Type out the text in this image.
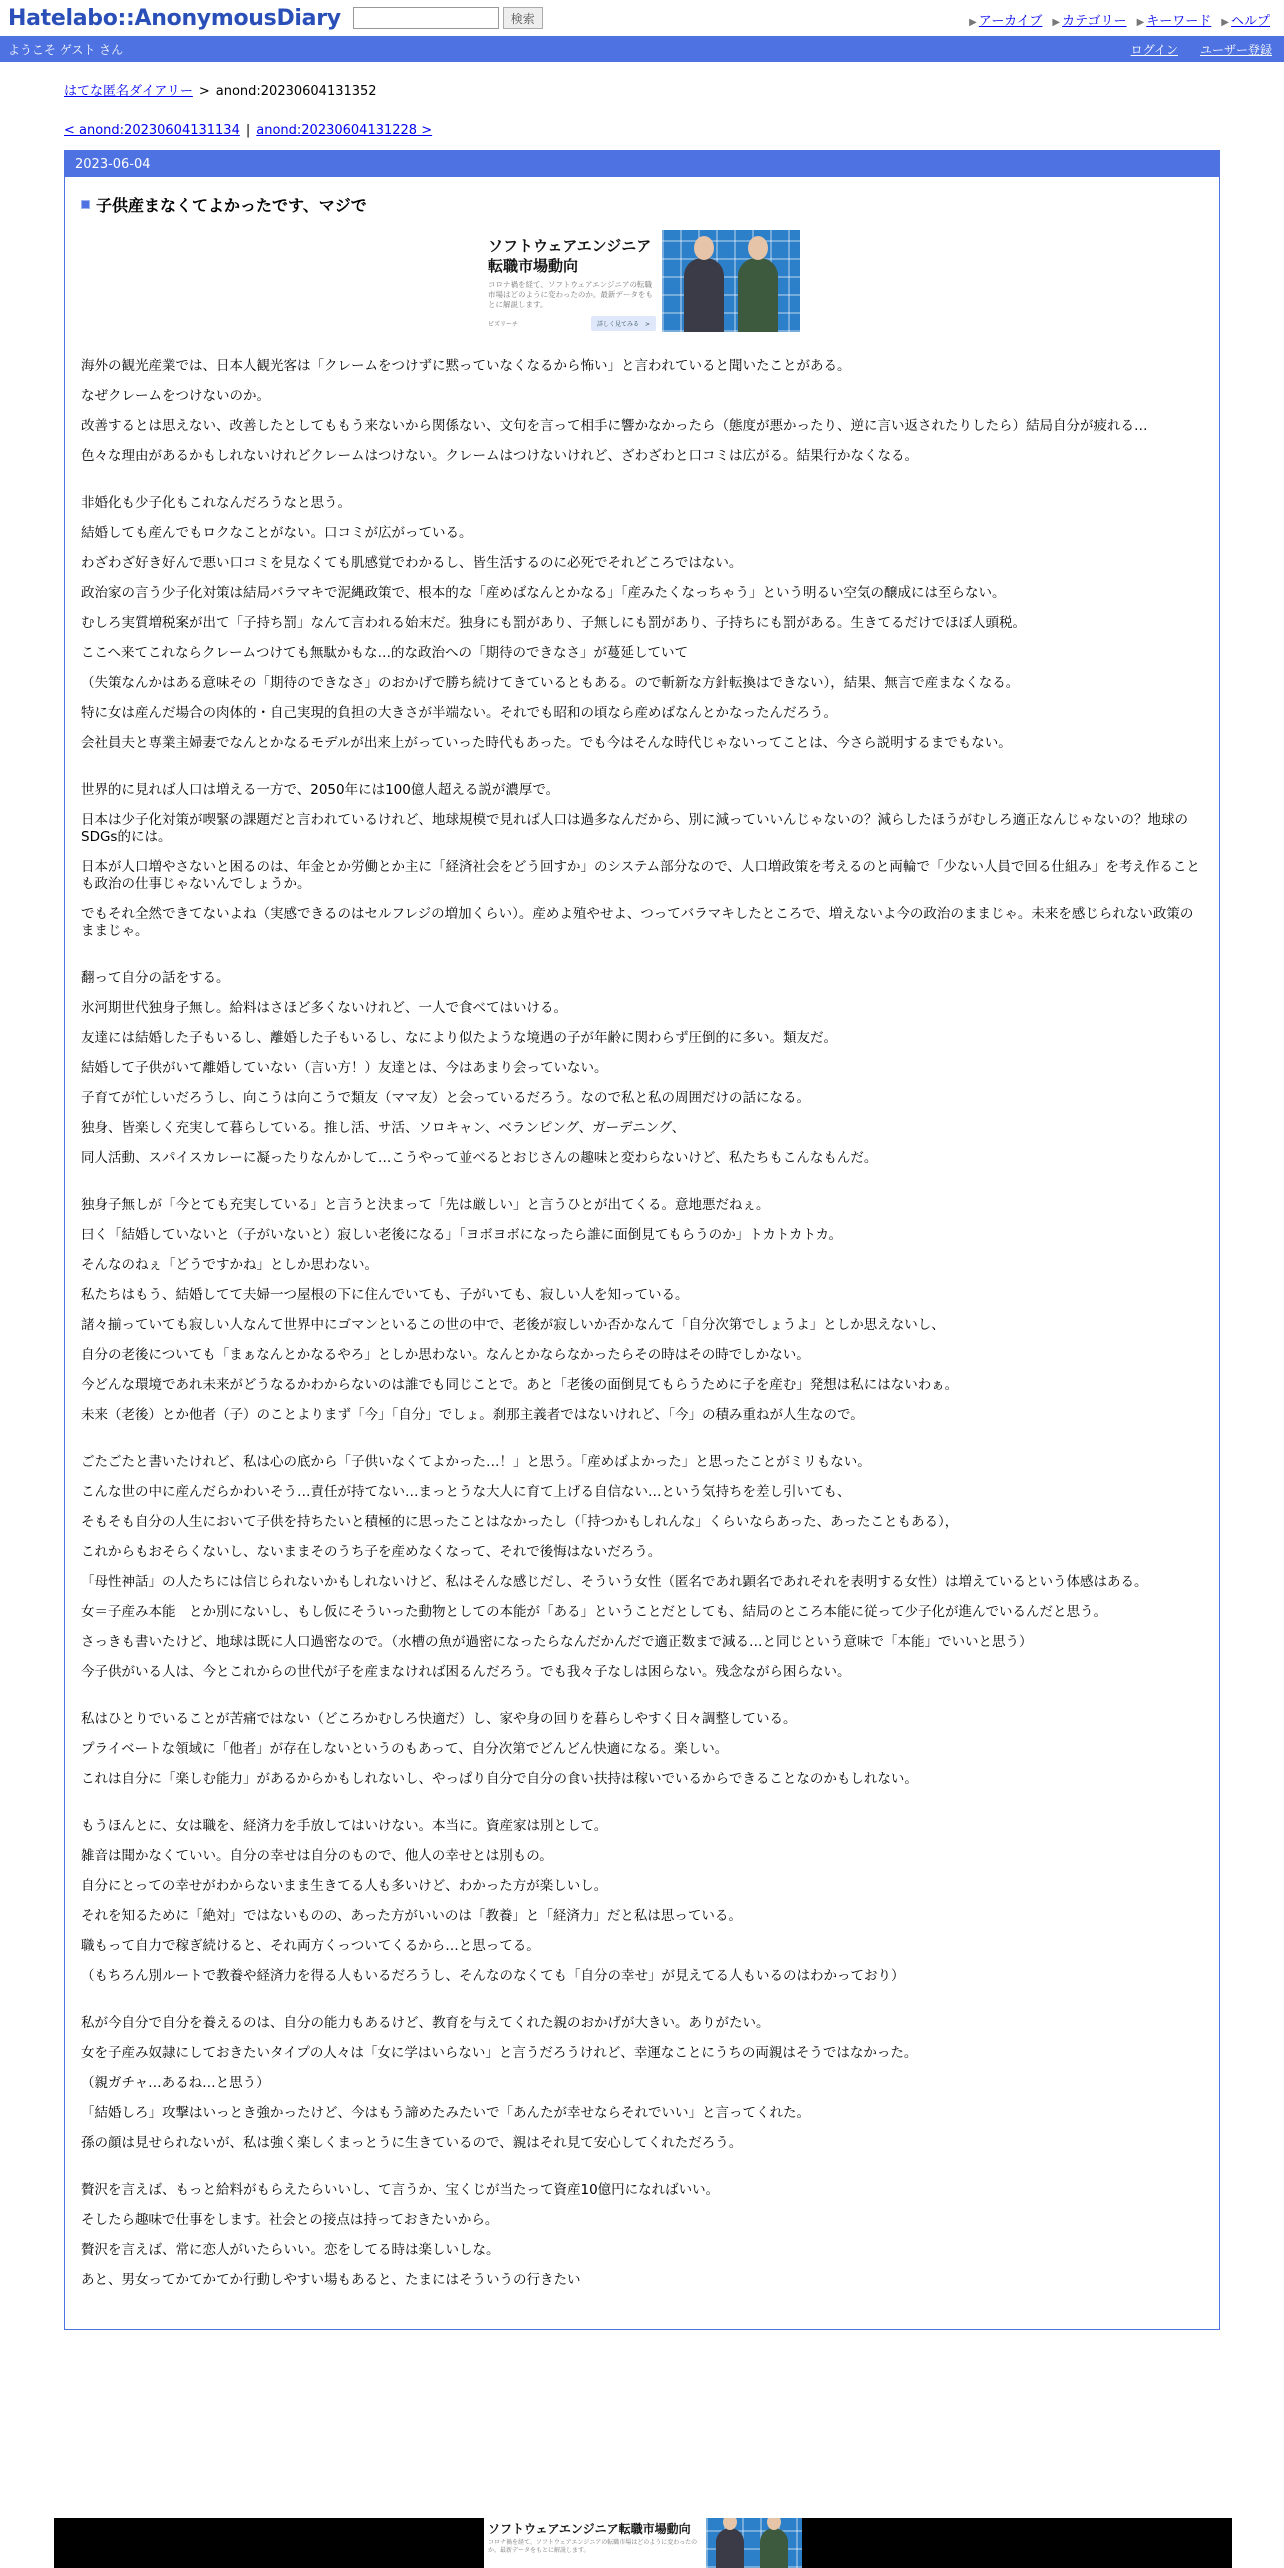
Hatelabo::AnonymousDiary	検索	▶ アーカイブ ▶ カテゴリー ▶ キーワード ▶ ヘルプ
ようこそ ゲスト さん	ログイン ユーザー登録
はてな匿名ダイアリー > anond:20230604131352
< anond:20230604131134 | anond:20230604131228 >
2023-06-04
子供産まなくてよかったです、マジで
ソフトウェアエンジニア
転職市場動向
コロナ禍を経て、ソフトウェアエンジニアの転職市場はどのように変わったのか。最新データをもとに解説します。
ビズリーチ	詳しく見てみる　>

海外の観光産業では、日本人観光客は「クレームをつけずに黙っていなくなるから怖い」と言われていると聞いたことがある。

なぜクレームをつけないのか。

改善するとは思えない、改善したとしてももう来ないから関係ない、文句を言って相手に響かなかったら（態度が悪かったり、逆に言い返されたりしたら）結局自分が疲れる…

色々な理由があるかもしれないけれどクレームはつけない。クレームはつけないけれど、ざわざわと口コミは広がる。結果行かなくなる。

非婚化も少子化もこれなんだろうなと思う。

結婚しても産んでもロクなことがない。口コミが広がっている。

わざわざ好き好んで悪い口コミを見なくても肌感覚でわかるし、皆生活するのに必死でそれどころではない。

政治家の言う少子化対策は結局バラマキで泥縄政策で、根本的な「産めばなんとかなる」「産みたくなっちゃう」という明るい空気の醸成には至らない。

むしろ実質増税案が出て「子持ち罰」なんて言われる始末だ。独身にも罰があり、子無しにも罰があり、子持ちにも罰がある。生きてるだけでほぼ人頭税。

ここへ来てこれならクレームつけても無駄かもな…的な政治への「期待のできなさ」が蔓延していて

（失策なんかはある意味その「期待のできなさ」のおかげで勝ち続けてきているともある。ので斬新な方針転換はできない），結果、無言で産まなくなる。

特に女は産んだ場合の肉体的・自己実現的負担の大きさが半端ない。それでも昭和の頃なら産めばなんとかなったんだろう。

会社員夫と専業主婦妻でなんとかなるモデルが出来上がっていった時代もあった。でも今はそんな時代じゃないってことは、今さら説明するまでもない。

世界的に見れば人口は増える一方で、2050年には100億人超える説が濃厚で。

日本は少子化対策が喫緊の課題だと言われているけれど、地球規模で見れば人口は過多なんだから、別に減っていいんじゃないの？減らしたほうがむしろ適正なんじゃないの？地球のSDGs的には。

日本が人口増やさないと困るのは、年金とか労働とか主に「経済社会をどう回すか」のシステム部分なので、人口増政策を考えるのと両輪で「少ない人員で回る仕組み」を考え作ることも政治の仕事じゃないんでしょうか。

でもそれ全然できてないよね（実感できるのはセルフレジの増加くらい）。産めよ殖やせよ、つってバラマキしたところで、増えないよ今の政治のままじゃ。未来を感じられない政策のままじゃ。

翻って自分の話をする。

氷河期世代独身子無し。給料はさほど多くないけれど、一人で食べてはいける。

友達には結婚した子もいるし、離婚した子もいるし、なにより似たような境遇の子が年齢に関わらず圧倒的に多い。類友だ。

結婚して子供がいて離婚していない（言い方！）友達とは、今はあまり会っていない。

子育てが忙しいだろうし、向こうは向こうで類友（ママ友）と会っているだろう。なので私と私の周囲だけの話になる。

独身、皆楽しく充実して暮らしている。推し活、サ活、ソロキャン、ベランピング、ガーデニング、

同人活動、スパイスカレーに凝ったりなんかして…こうやって並べるとおじさんの趣味と変わらないけど、私たちもこんなもんだ。

独身子無しが「今とても充実している」と言うと決まって「先は厳しい」と言うひとが出てくる。意地悪だねぇ。

曰く「結婚していないと（子がいないと）寂しい老後になる」「ヨボヨボになったら誰に面倒見てもらうのか」トカトカトカ。

そんなのねぇ「どうですかね」としか思わない。

私たちはもう、結婚してて夫婦一つ屋根の下に住んでいても、子がいても、寂しい人を知っている。

諸々揃っていても寂しい人なんて世界中にゴマンといるこの世の中で、老後が寂しいか否かなんて「自分次第でしょうよ」としか思えないし、

自分の老後についても「まぁなんとかなるやろ」としか思わない。なんとかならなかったらその時はその時でしかない。

今どんな環境であれ未来がどうなるかわからないのは誰でも同じことで。あと「老後の面倒見てもらうために子を産む」発想は私にはないわぁ。

未来（老後）とか他者（子）のことよりまず「今」「自分」でしょ。刹那主義者ではないけれど、「今」の積み重ねが人生なので。

ごたごたと書いたけれど、私は心の底から「子供いなくてよかった…！」と思う。「産めばよかった」と思ったことがミリもない。

こんな世の中に産んだらかわいそう…責任が持てない…まっとうな大人に育て上げる自信ない…という気持ちを差し引いても、

そもそも自分の人生において子供を持ちたいと積極的に思ったことはなかったし（「持つかもしれんな」くらいならあった、あったこともある），

これからもおそらくないし、ないままそのうち子を産めなくなって、それで後悔はないだろう。

「母性神話」の人たちには信じられないかもしれないけど、私はそんな感じだし、そういう女性（匿名であれ顕名であれそれを表明する女性）は増えているという体感はある。

女＝子産み本能　とか別にないし、もし仮にそういった動物としての本能が「ある」ということだとしても、結局のところ本能に従って少子化が進んでいるんだと思う。

さっきも書いたけど、地球は既に人口過密なので。（水槽の魚が過密になったらなんだかんだで適正数まで減る…と同じという意味で「本能」でいいと思う）

今子供がいる人は、今とこれからの世代が子を産まなければ困るんだろう。でも我々子なしは困らない。残念ながら困らない。

私はひとりでいることが苦痛ではない（どころかむしろ快適だ）し、家や身の回りを暮らしやすく日々調整している。

プライベートな領域に「他者」が存在しないというのもあって、自分次第でどんどん快適になる。楽しい。

これは自分に「楽しむ能力」があるからかもしれないし、やっぱり自分で自分の食い扶持は稼いでいるからできることなのかもしれない。

もうほんとに、女は職を、経済力を手放してはいけない。本当に。資産家は別として。

雑音は聞かなくていい。自分の幸せは自分のもので、他人の幸せとは別もの。

自分にとっての幸せがわからないまま生きてる人も多いけど、わかった方が楽しいし。

それを知るために「絶対」ではないものの、あった方がいいのは「教養」と「経済力」だと私は思っている。

職もって自力で稼ぎ続けると、それ両方くっついてくるから…と思ってる。

（もちろん別ルートで教養や経済力を得る人もいるだろうし、そんなのなくても「自分の幸せ」が見えてる人もいるのはわかっており）

私が今自分で自分を養えるのは、自分の能力もあるけど、教育を与えてくれた親のおかげが大きい。ありがたい。

女を子産み奴隷にしておきたいタイプの人々は「女に学はいらない」と言うだろうけれど、幸運なことにうちの両親はそうではなかった。

（親ガチャ…あるね…と思う）

「結婚しろ」攻撃はいっとき強かったけど、今はもう諦めたみたいで「あんたが幸せならそれでいい」と言ってくれた。

孫の顔は見せられないが、私は強く楽しくまっとうに生きているので、親はそれ見て安心してくれただろう。

贅沢を言えば、もっと給料がもらえたらいいし、て言うか、宝くじが当たって資産10億円になればいい。

そしたら趣味で仕事をします。社会との接点は持っておきたいから。

贅沢を言えば、常に恋人がいたらいい。恋をしてる時は楽しいしな。

あと、男女ってかてかてか行動しやすい場もあると、たまにはそういうの行きたい

ソフトウェアエンジニア転職市場動向
コロナ禍を経て、ソフトウェアエンジニアの転職市場はどのように変わったのか。最新データをもとに解説します。
